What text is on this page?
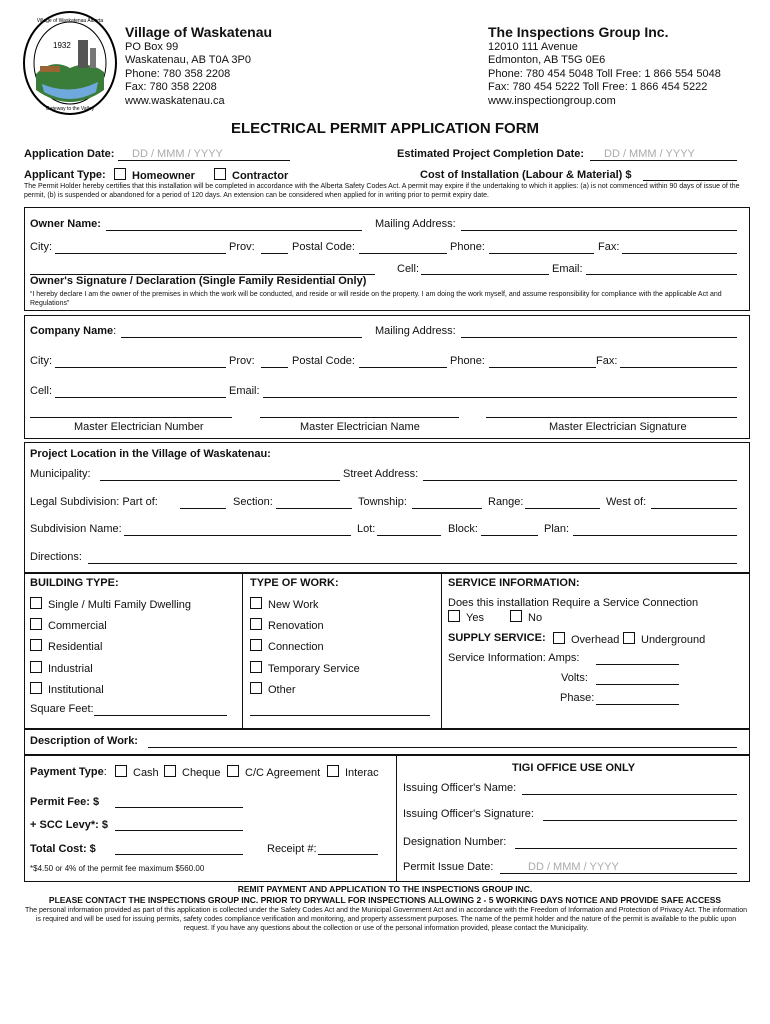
1932
Village of Waskatenau Alberta
Gateway to the Valley
Village of Waskatenau
PO Box 99
Waskatenau, AB T0A 3P0
Phone: 780 358 2208
Fax: 780 358 2208
www.waskatenau.ca
The Inspections Group Inc.
12010 111 Avenue
Edmonton, AB T5G 0E6
Phone: 780 454 5048 Toll Free: 1 866 554 5048
Fax: 780 454 5222 Toll Free: 1 866 454 5222
www.inspectiongroup.com
ELECTRICAL PERMIT APPLICATION FORM
Application Date: DD / MMM / YYYY	Estimated Project Completion Date: DD / MMM / YYYY
Applicant Type:	Homeowner	Contractor	Cost of Installation (Labour & Material) $
The Permit Holder hereby certifies that this installation will be completed in accordance with the Alberta Safety Codes Act. A permit may expire if the undertaking to which it applies: (a) is not commenced within 90 days of issue of the permit, (b) is suspended or abandoned for a period of 120 days. An extension can be considered when applied for in writing prior to permit expiry date.
Owner Name:	Mailing Address:
City:	Prov:	Postal Code:	Phone:	Fax:
Cell:	Email:
Owner's Signature / Declaration (Single Family Residential Only)
“I hereby declare I am the owner of the premises in which the work will be conducted, and reside or will reside on the property. I am doing the work myself, and assume responsibility for compliance with the applicable Act and Regulations”
Company Name:	Mailing Address:
City:	Prov:	Postal Code:	Phone:	Fax:
Cell:	Email:
Master Electrician Number	Master Electrician Name	Master Electrician Signature
Project Location in the Village of Waskatenau:
Municipality:	Street Address:
Legal Subdivision: Part of:	Section:	Township:	Range:	West of:
Subdivision Name:	Lot:	Block:	Plan:
Directions:
BUILDING TYPE:
Single / Multi Family Dwelling
Commercial
Residential
Industrial
Institutional
Square Feet:
TYPE OF WORK:
New Work
Renovation
Connection
Temporary Service
Other
SERVICE INFORMATION:
Does this installation Require a Service Connection
Yes	No
SUPPLY SERVICE:	Overhead	Underground
Service Information: Amps:
Volts:
Phase:
Description of Work:
Payment Type:	Cash	Cheque	C/C Agreement	Interac
Permit Fee: $
+ SCC Levy*: $
Total Cost: $	Receipt #:
*$4.50 or 4% of the permit fee maximum $560.00
TIGI OFFICE USE ONLY
Issuing Officer's Name:
Issuing Officer's Signature:
Designation Number:
Permit Issue Date:	DD / MMM / YYYY
REMIT PAYMENT AND APPLICATION TO THE INSPECTIONS GROUP INC.
PLEASE CONTACT THE INSPECTIONS GROUP INC. PRIOR TO DRYWALL FOR INSPECTIONS ALLOWING 2 - 5 WORKING DAYS NOTICE AND PROVIDE SAFE ACCESS
The personal information provided as part of this application is collected under the Safety Codes Act and the Municipal Government Act and in accordance with the Freedom of Information and Protection of Privacy Act. The information is required and will be used for issuing permits, safety codes compliance verification and monitoring, and property assessment purposes. The name of the permit holder and the nature of the permit is available to the public upon request. If you have any questions about the collection or use of the personal information provided, please contact the Municipality.
